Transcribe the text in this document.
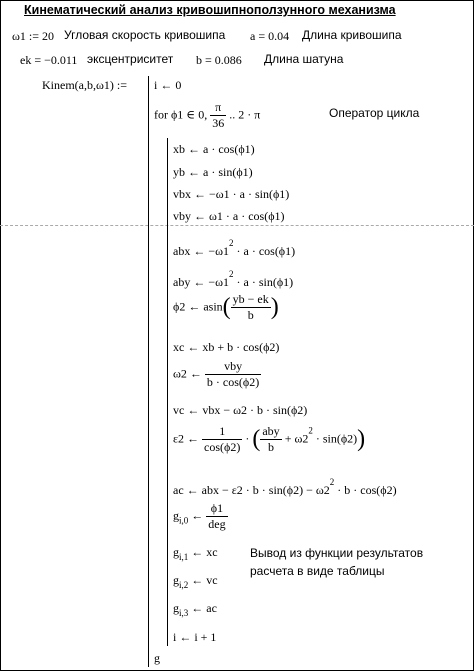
Кинематический анализ кривошипноползунного механизма
ω1 := 20 Угловая скорость кривошипа a = 0.04 Длина кривошипа
ek = −0.011 эксцентриситет b = 0.086 Длина шатуна
Kinem(a,b,ω1) := i ← 0
for ϕ1 ∈ 0, $\frac{\pi}{36}$ .. 2 · π	Оператор цикла
xb ← a · cos(ϕ1)
yb ← a · sin(ϕ1)
vbx ← −ω1 · a · sin(ϕ1)
vby ← ω1 · a · cos(ϕ1)
abx ← $-\omega 1^2 \cdot a \cdot \cos(\phi 1)$
aby ← $-\omega 1^2 \cdot a \cdot \sin(\phi 1)$
ϕ2 ← $asin( \frac{yb - ek}{b}$ )
xc ← xb + b · cos(ϕ2)
ω2 ← $\frac{\text{vby}}{b \cdot \cos(\phi 2)}$
vc ← vbx − ω2 · b · sin(ϕ2)
ε2 ← $\frac{1}{\cos(\phi 2)}$ · ( $\frac{\text{aby}}{b} + \omega 2^2 \cdot \sin(\phi 2)$)
ac ← abx − $\varepsilon 2 \cdot b \cdot \sin(\phi 2) - \omega 2^2 \cdot b \cdot \cos(\phi 2)$
$g_{i,0}$ ← $\frac{\phi 1}{\text{deg}}$
$g_{i,1}$ ← xc
$g_{i,2}$ ← vc
$g_{i,3}$ ← ac
Вывод из функции результатов
расчета в виде таблицы
i ← i + 1
g
